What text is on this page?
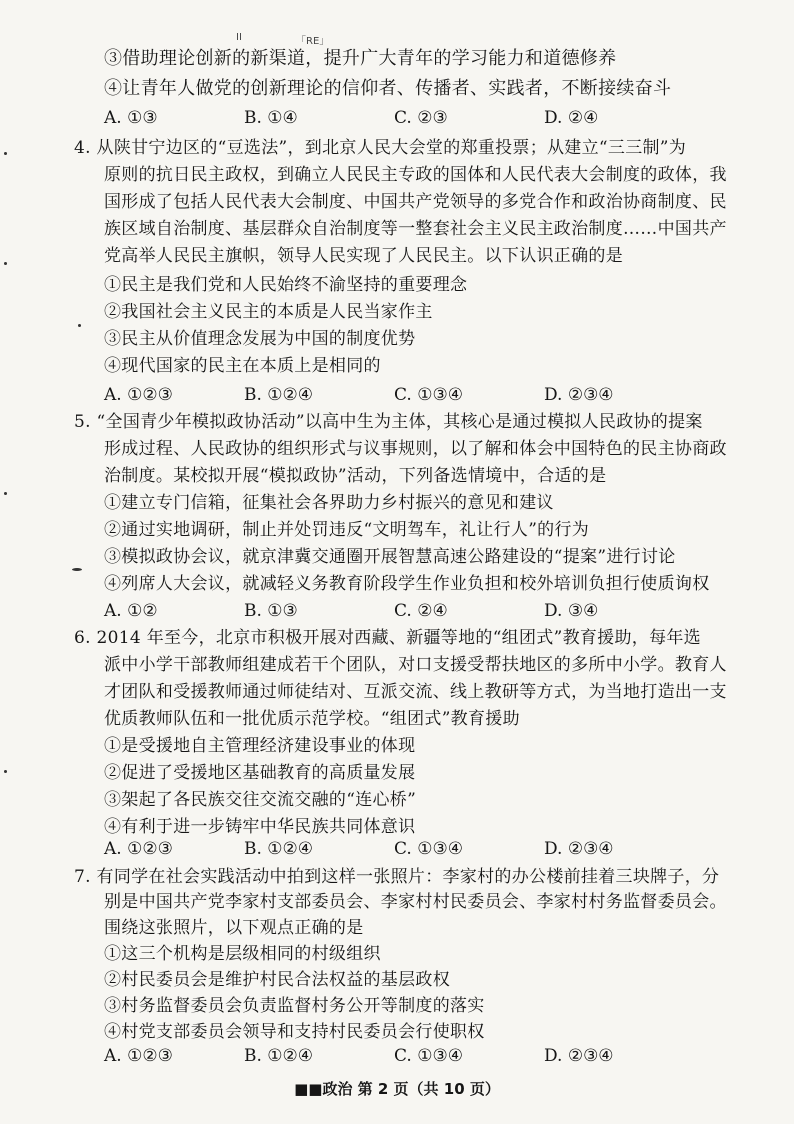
II	「RE」
③借助理论创新的新渠道，提升广大青年的学习能力和道德修养
④让青年人做党的创新理论的信仰者、传播者、实践者，不断接续奋斗
A. ①③	B. ①④	C. ②③	D. ②④
4. 从陕甘宁边区的“豆选法”，到北京人民大会堂的郑重投票；从建立“三三制”为
原则的抗日民主政权，到确立人民民主专政的国体和人民代表大会制度的政体，我
国形成了包括人民代表大会制度、中国共产党领导的多党合作和政治协商制度、民
族区域自治制度、基层群众自治制度等一整套社会主义民主政治制度……中国共产
党高举人民民主旗帜，领导人民实现了人民民主。以下认识正确的是
①民主是我们党和人民始终不渝坚持的重要理念
②我国社会主义民主的本质是人民当家作主
③民主从价值理念发展为中国的制度优势
④现代国家的民主在本质上是相同的
A. ①②③	B. ①②④	C. ①③④	D. ②③④
5. “全国青少年模拟政协活动”以高中生为主体，其核心是通过模拟人民政协的提案
形成过程、人民政协的组织形式与议事规则，以了解和体会中国特色的民主协商政
治制度。某校拟开展“模拟政协”活动，下列备选情境中，合适的是
①建立专门信箱，征集社会各界助力乡村振兴的意见和建议
②通过实地调研，制止并处罚违反“文明驾车，礼让行人”的行为
③模拟政协会议，就京津冀交通圈开展智慧高速公路建设的“提案”进行讨论
④列席人大会议，就减轻义务教育阶段学生作业负担和校外培训负担行使质询权
A. ①②	B. ①③	C. ②④	D. ③④
6. 2014 年至今，北京市积极开展对西藏、新疆等地的“组团式”教育援助，每年选
派中小学干部教师组建成若干个团队，对口支援受帮扶地区的多所中小学。教育人
才团队和受援教师通过师徒结对、互派交流、线上教研等方式，为当地打造出一支
优质教师队伍和一批优质示范学校。“组团式”教育援助
①是受援地自主管理经济建设事业的体现
②促进了受援地区基础教育的高质量发展
③架起了各民族交往交流交融的“连心桥”
④有利于进一步铸牢中华民族共同体意识
A. ①②③	B. ①②④	C. ①③④	D. ②③④
7. 有同学在社会实践活动中拍到这样一张照片：李家村的办公楼前挂着三块牌子，分
别是中国共产党李家村支部委员会、李家村村民委员会、李家村村务监督委员会。
围绕这张照片，以下观点正确的是
①这三个机构是层级相同的村级组织
②村民委员会是维护村民合法权益的基层政权
③村务监督委员会负责监督村务公开等制度的落实
④村党支部委员会领导和支持村民委员会行使职权
A. ①②③	B. ①②④	C. ①③④	D. ②③④
■■政治 第 2 页（共 10 页）
